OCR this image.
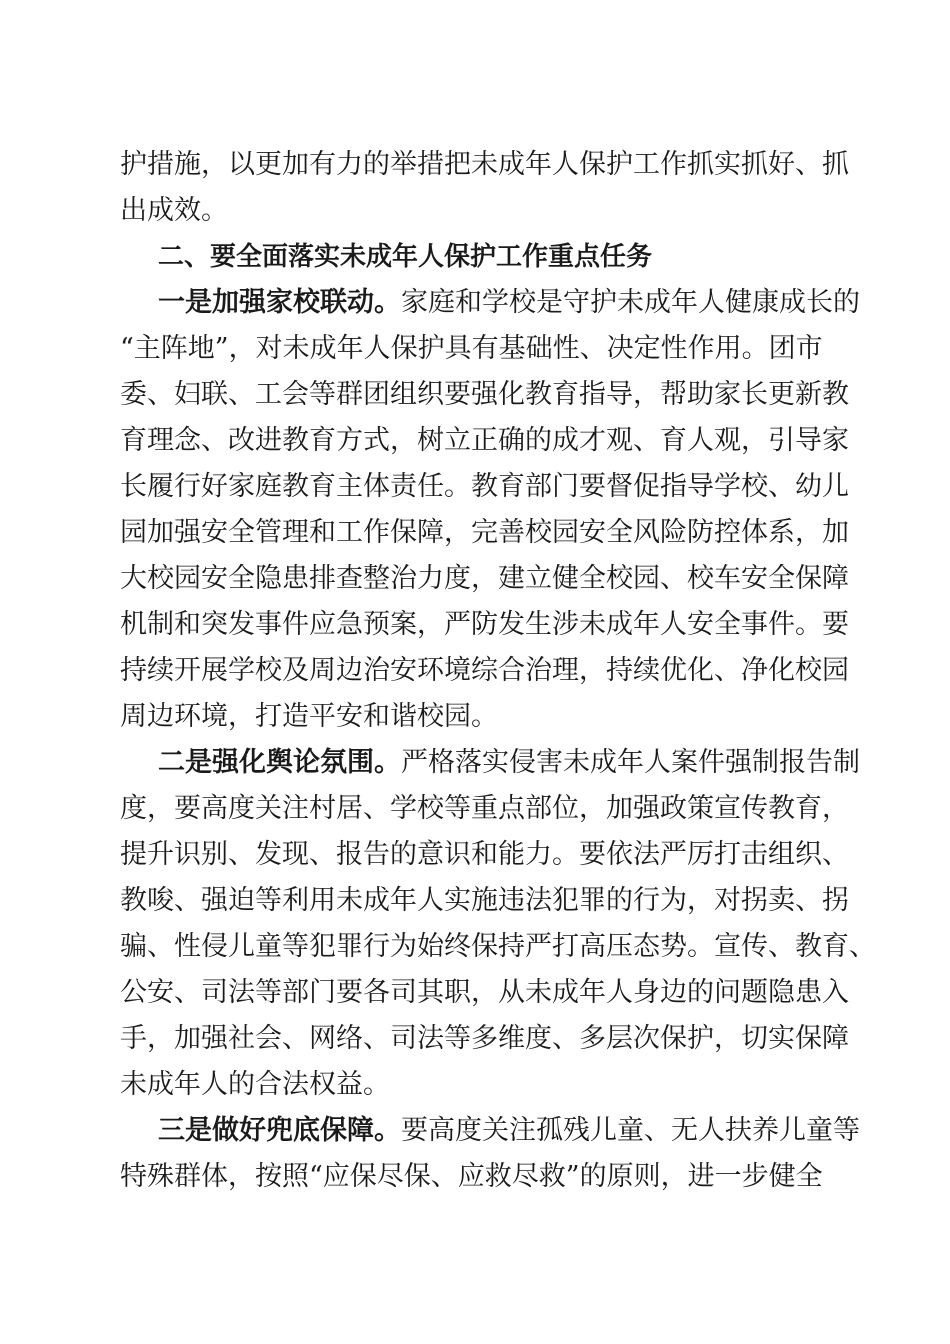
护措施，以更加有力的举措把未成年人保护工作抓实抓好、抓
出成效。
二、要全面落实未成年人保护工作重点任务
一是加强家校联动。家庭和学校是守护未成年人健康成长的
“主阵地”，对未成年人保护具有基础性、决定性作用。团市
委、妇联、工会等群团组织要强化教育指导，帮助家长更新教
育理念、改进教育方式，树立正确的成才观、育人观，引导家
长履行好家庭教育主体责任。教育部门要督促指导学校、幼儿
园加强安全管理和工作保障，完善校园安全风险防控体系，加
大校园安全隐患排查整治力度，建立健全校园、校车安全保障
机制和突发事件应急预案，严防发生涉未成年人安全事件。要
持续开展学校及周边治安环境综合治理，持续优化、净化校园
周边环境，打造平安和谐校园。
二是强化舆论氛围。严格落实侵害未成年人案件强制报告制
度，要高度关注村居、学校等重点部位，加强政策宣传教育，
提升识别、发现、报告的意识和能力。要依法严厉打击组织、
教唆、强迫等利用未成年人实施违法犯罪的行为，对拐卖、拐
骗、性侵儿童等犯罪行为始终保持严打高压态势。宣传、教育、
公安、司法等部门要各司其职，从未成年人身边的问题隐患入
手，加强社会、网络、司法等多维度、多层次保护，切实保障
未成年人的合法权益。
三是做好兜底保障。要高度关注孤残儿童、无人扶养儿童等
特殊群体，按照“应保尽保、应救尽救”的原则，进一步健全
